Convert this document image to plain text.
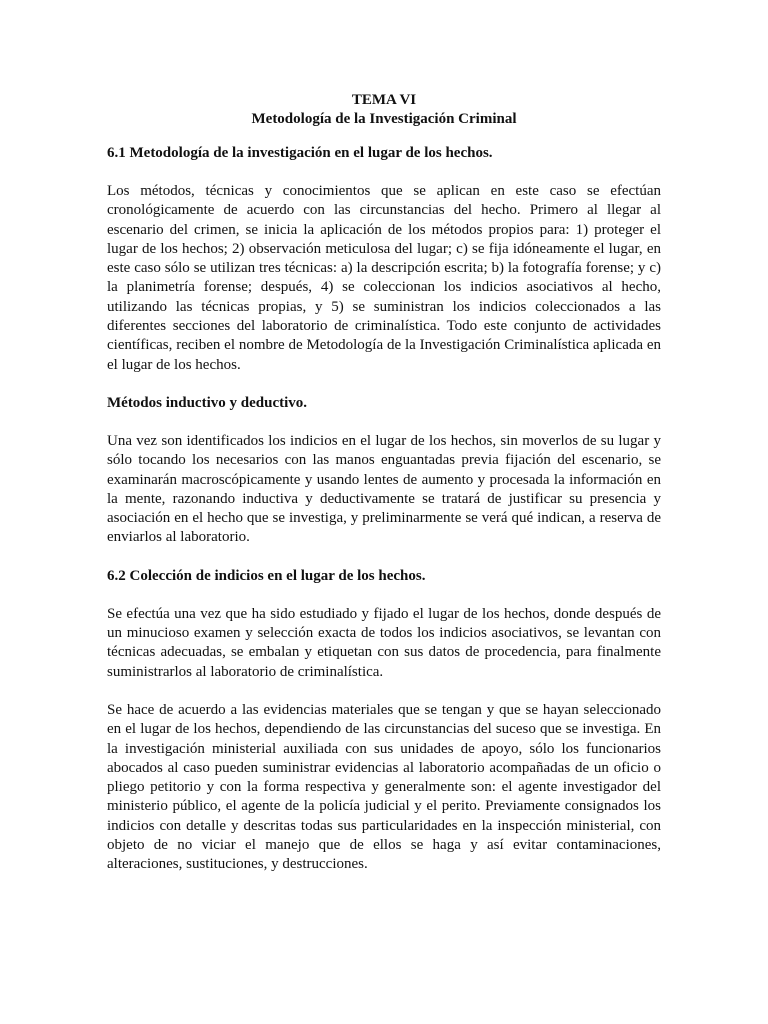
TEMA VI
Metodología de la Investigación Criminal
6.1 Metodología de la investigación en el lugar de los hechos.

Los métodos, técnicas y conocimientos que se aplican en este caso se efectúan cronológicamente de acuerdo con las circunstancias del hecho. Primero al llegar al escenario del crimen, se inicia la aplicación de los métodos propios para: 1) proteger el lugar de los hechos; 2) observación meticulosa del lugar; c) se fija idóneamente el lugar, en este caso sólo se utilizan tres técnicas: a) la descripción escrita; b) la fotografía forense; y c) la planimetría forense; después, 4) se coleccionan los indicios asociativos al hecho, utilizando las técnicas propias, y 5) se suministran los indicios coleccionados a las diferentes secciones del laboratorio de criminalística. Todo este conjunto de actividades científicas, reciben el nombre de Metodología de la Investigación Criminalística aplicada en el lugar de los hechos.

Métodos inductivo y deductivo.

Una vez son identificados los indicios en el lugar de los hechos, sin moverlos de su lugar y sólo tocando los necesarios con las manos enguantadas previa fijación del escenario, se examinarán macroscópicamente y usando lentes de aumento y procesada la información en la mente, razonando inductiva y deductivamente se tratará de justificar su presencia y asociación en el hecho que se investiga, y preliminarmente se verá qué indican, a reserva de enviarlos al laboratorio.

6.2 Colección de indicios en el lugar de los hechos.

Se efectúa una vez que ha sido estudiado y fijado el lugar de los hechos, donde después de un minucioso examen y selección exacta de todos los indicios asociativos, se levantan con técnicas adecuadas, se embalan y etiquetan con sus datos de procedencia, para finalmente suministrarlos al laboratorio de criminalística.

Se hace de acuerdo a las evidencias materiales que se tengan y que se hayan seleccionado en el lugar de los hechos, dependiendo de las circunstancias del suceso que se investiga. En la investigación ministerial auxiliada con sus unidades de apoyo, sólo los funcionarios abocados al caso pueden suministrar evidencias al laboratorio acompañadas de un oficio o pliego petitorio y con la forma respectiva y generalmente son: el agente investigador del ministerio público, el agente de la policía judicial y el perito. Previamente consignados los indicios con detalle y descritas todas sus particularidades en la inspección ministerial, con objeto de no viciar el manejo que de ellos se haga y así evitar contaminaciones, alteraciones, sustituciones, y destrucciones.
